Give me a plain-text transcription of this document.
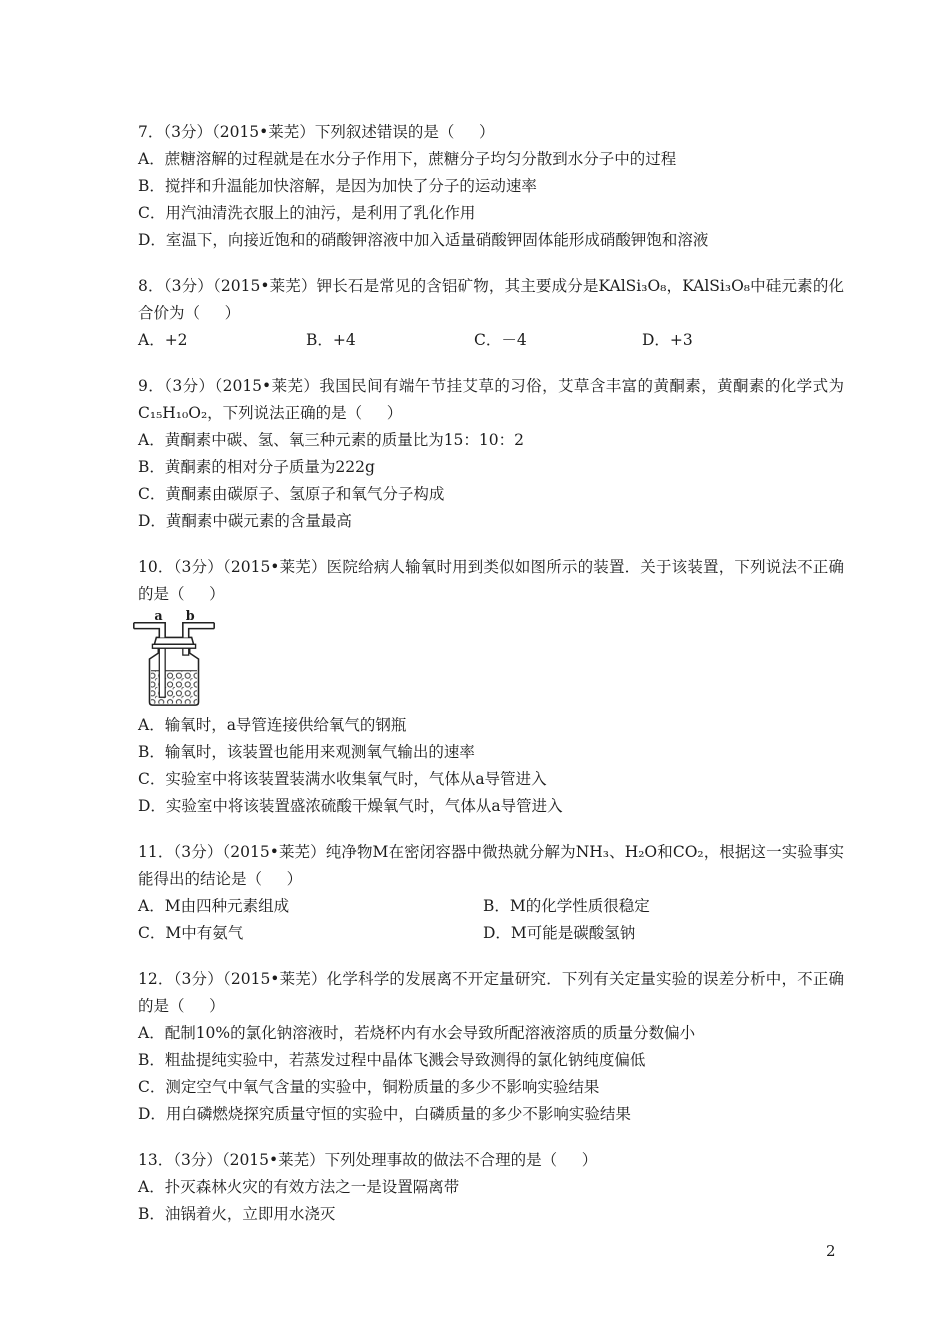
7．（3分）（2015•莱芜）下列叙述错误的是（     ）

A．蔗糖溶解的过程就是在水分子作用下，蔗糖分子均匀分散到水分子中的过程

B．搅拌和升温能加快溶解，是因为加快了分子的运动速率

C．用汽油清洗衣服上的油污，是利用了乳化作用

D．室温下，向接近饱和的硝酸钾溶液中加入适量硝酸钾固体能形成硝酸钾饱和溶液

8．（3分）（2015•莱芜）钾长石是常见的含铝矿物，其主要成分是KAlSi₃O₈，KAlSi₃O₈中硅元素的化合价为（     ）

A．+2	B．+4	C．－4	D．+3

9．（3分）（2015•莱芜）我国民间有端午节挂艾草的习俗，艾草含丰富的黄酮素，黄酮素的化学式为C₁₅H₁₀O₂，下列说法正确的是（     ）

A．黄酮素中碳、氢、氧三种元素的质量比为15：10：2

B．黄酮素的相对分子质量为222g

C．黄酮素由碳原子、氢原子和氧气分子构成

D．黄酮素中碳元素的含量最高

10．（3分）（2015•莱芜）医院给病人输氧时用到类似如图所示的装置．关于该装置，下列说法不正确的是（     ）

a b

A．输氧时，a导管连接供给氧气的钢瓶

B．输氧时，该装置也能用来观测氧气输出的速率

C．实验室中将该装置装满水收集氧气时，气体从a导管进入

D．实验室中将该装置盛浓硫酸干燥氧气时，气体从a导管进入

11．（3分）（2015•莱芜）纯净物M在密闭容器中微热就分解为NH₃、H₂O和CO₂，根据这一实验事实能得出的结论是（     ）

A．M由四种元素组成	B．M的化学性质很稳定

C．M中有氨气	D．M可能是碳酸氢钠

12．（3分）（2015•莱芜）化学科学的发展离不开定量研究．下列有关定量实验的误差分析中，不正确的是（     ）

A．配制10%的氯化钠溶液时，若烧杯内有水会导致所配溶液溶质的质量分数偏小

B．粗盐提纯实验中，若蒸发过程中晶体飞溅会导致测得的氯化钠纯度偏低

C．测定空气中氧气含量的实验中，铜粉质量的多少不影响实验结果

D．用白磷燃烧探究质量守恒的实验中，白磷质量的多少不影响实验结果

13．（3分）（2015•莱芜）下列处理事故的做法不合理的是（     ）

A．扑灭森林火灾的有效方法之一是设置隔离带

B．油锅着火，立即用水浇灭

2
